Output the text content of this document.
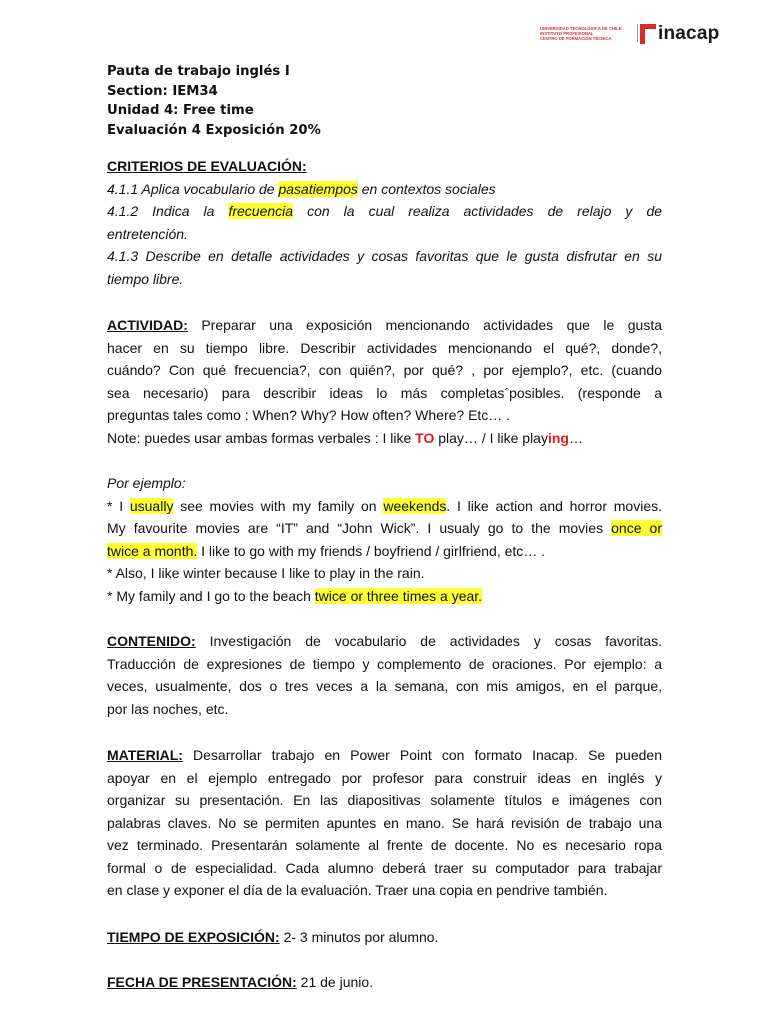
UNIVERSIDAD TECNOLÓGICA DE CHILE
INSTITUTO PROFESIONAL
CENTRO DE FORMACIÓN TÉCNICA	inacap
Pauta de trabajo inglés I
Section: IEM34
Unidad 4: Free time
Evaluación 4 Exposición 20%
CRITERIOS DE EVALUACIÓN:
4.1.1 Aplica vocabulario de pasatiempos en contextos sociales
4.1.2 Indica la frecuencia con la cual realiza actividades de relajo y de
entretención.
4.1.3 Describe en detalle actividades y cosas favoritas que le gusta disfrutar en su
tiempo libre.
ACTIVIDAD: Preparar una exposición mencionando actividades que le gusta
hacer en su tiempo libre. Describir actividades mencionando el qué?, donde?,
cuándo? Con qué frecuencia?, con quién?, por qué? , por ejemplo?, etc. (cuando
sea necesario) para describir ideas lo más completas´posibles. (responde a
preguntas tales como : When? Why? How often? Where? Etc… .
Note: puedes usar ambas formas verbales : I like TO play… / I like playing…
Por ejemplo:
* I usually see movies with my family on weekends. I like action and horror movies.
My favourite movies are “IT” and “John Wick”. I usualy go to the movies once or
twice a month. I like to go with my friends / boyfriend / girlfriend, etc… .
* Also, I like winter because I like to play in the rain.
* My family and I go to the beach twice or three times a year.
CONTENIDO: Investigación de vocabulario de actividades y cosas favoritas.
Traducción de expresiones de tiempo y complemento de oraciones. Por ejemplo: a
veces, usualmente, dos o tres veces a la semana, con mis amigos, en el parque,
por las noches, etc.
MATERIAL: Desarrollar trabajo en Power Point con formato Inacap. Se pueden
apoyar en el ejemplo entregado por profesor para construir ideas en inglés y
organizar su presentación. En las diapositivas solamente títulos e imágenes con
palabras claves. No se permiten apuntes en mano. Se hará revisión de trabajo una
vez terminado. Presentarán solamente al frente de docente. No es necesario ropa
formal o de especialidad. Cada alumno deberá traer su computador para trabajar
en clase y exponer el día de la evaluación. Traer una copia en pendrive también.
TIEMPO DE EXPOSICIÓN: 2- 3 minutos por alumno.
FECHA DE PRESENTACIÓN: 21 de junio.
